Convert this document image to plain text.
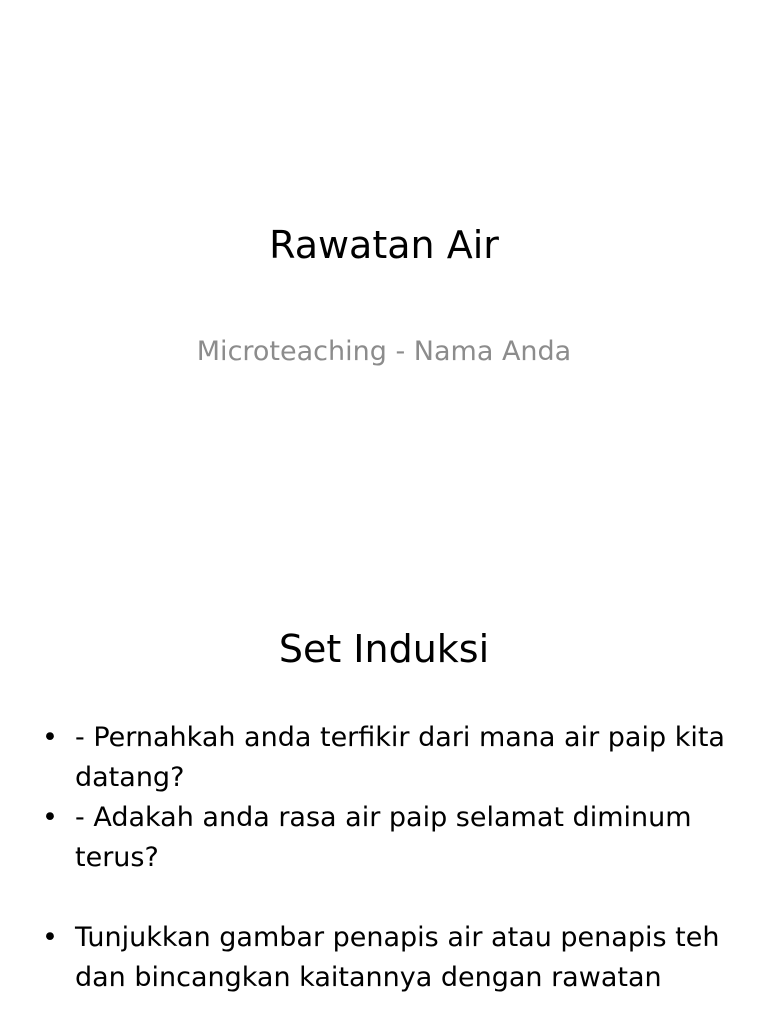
Rawatan Air
Microteaching - Nama Anda
Set Induksi
• - Pernahkah anda terfikir dari mana air paip kita datang?
• - Adakah anda rasa air paip selamat diminum terus?
• Tunjukkan gambar penapis air atau penapis teh dan bincangkan kaitannya dengan rawatan
